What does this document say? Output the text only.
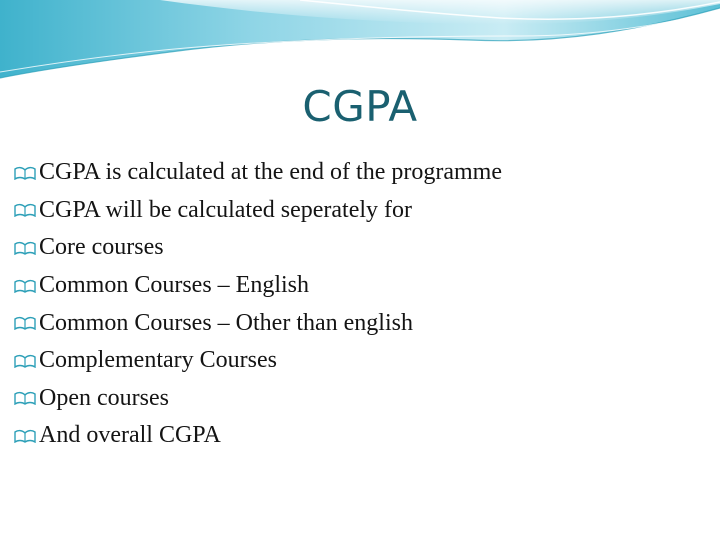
CGPA
CGPA is calculated at the end of the programme
CGPA will be calculated seperately for
Core courses
Common Courses – English
Common Courses – Other than english
Complementary Courses
Open courses
And overall CGPA
